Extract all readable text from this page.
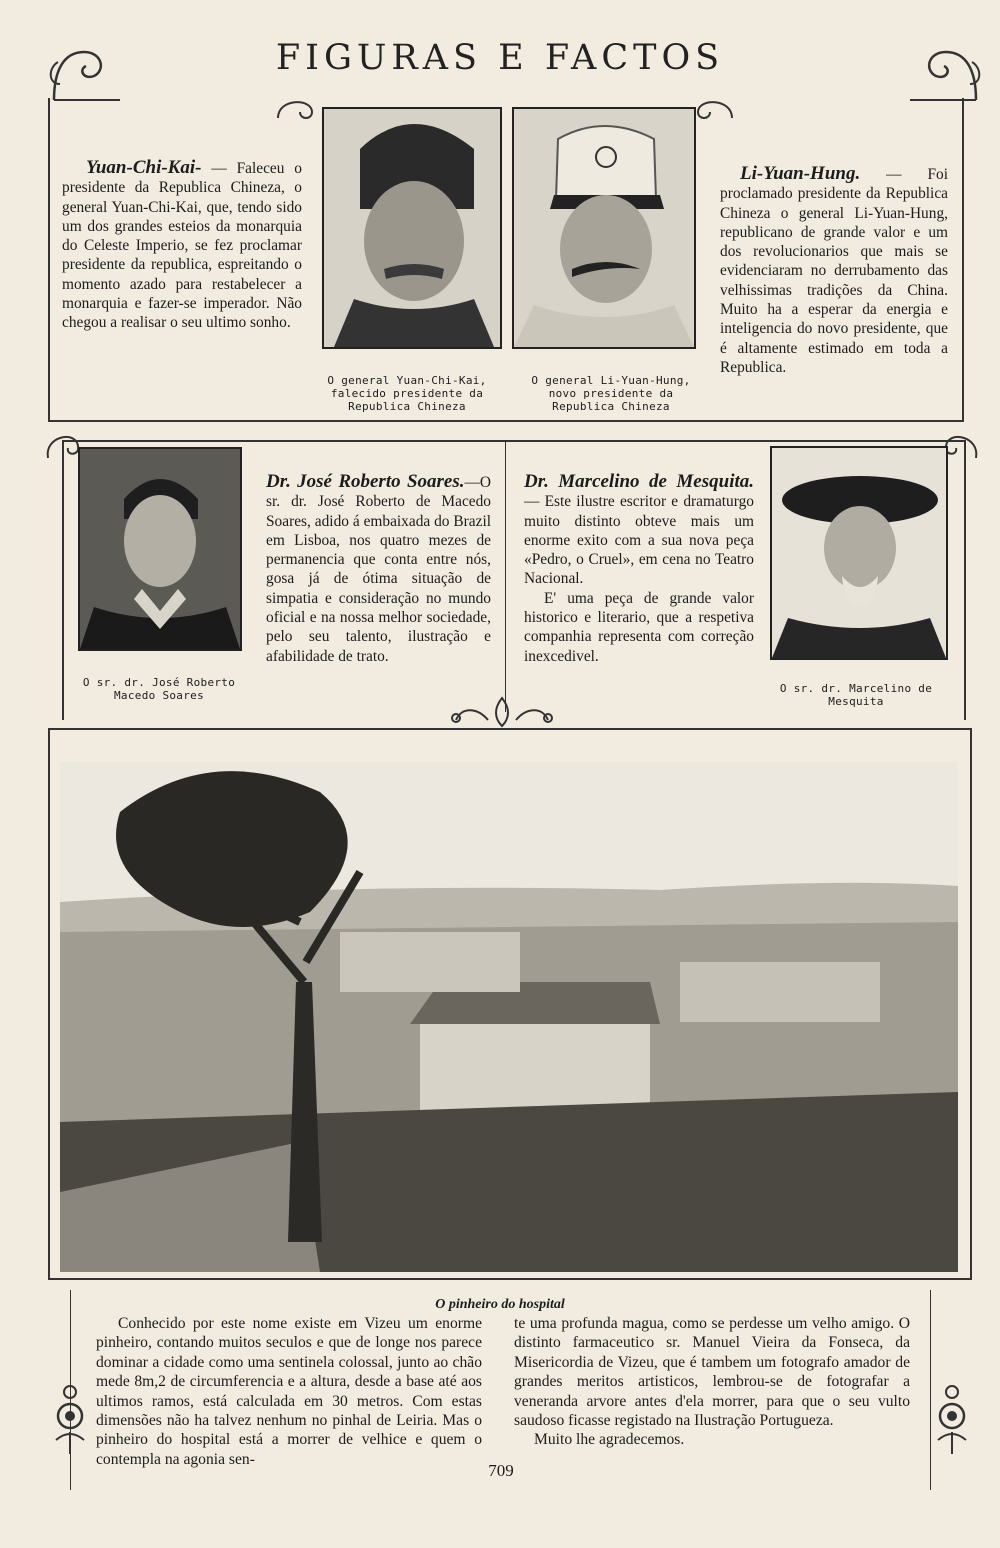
FIGURAS E FACTOS
Yuan-Chi-Kai- — Faleceu o presidente da Republica Chineza, o general Yuan-Chi-Kai, que, tendo sido um dos grandes esteios da monarquia do Celeste Imperio, se fez proclamar presidente da republica, espreitando o momento azado para restabelecer a monarquia e fazer-se imperador. Não chegou a realisar o seu ultimo sonho.
O general Yuan-Chi-Kai, falecido presidente da Republica Chineza
O general Li-Yuan-Hung, novo presidente da Republica Chineza
Li-Yuan-Hung. — Foi proclamado presidente da Republica Chineza o general Li-Yuan-Hung, republicano de grande valor e um dos revolucionarios que mais se evidenciaram no derrubamento das velhissimas tradições da China. Muito ha a esperar da energia e inteligencia do novo presidente, que é altamente estimado em toda a Republica.
O sr. dr. José Roberto Macedo Soares
Dr. José Roberto Soares.—O sr. dr. José Roberto de Macedo Soares, adido á embaixada do Brazil em Lisboa, nos quatro mezes de permanencia que conta entre nós, gosa já de ótima situação de simpatia e consideração no mundo oficial e na nossa melhor sociedade, pelo seu talento, ilustração e afabilidade de trato.
Dr. Marcelino de Mesquita.— Este ilustre escritor e dramaturgo muito distinto obteve mais um enorme exito com a sua nova peça «Pedro, o Cruel», em cena no Teatro Nacional.
E' uma peça de grande valor historico e literario, que a respetiva companhia representa com correção inexcedivel.
O sr. dr. Marcelino de Mesquita
O pinheiro do hospital
Conhecido por este nome existe em Vizeu um enorme pinheiro, contando muitos seculos e que de longe nos parece dominar a cidade como uma sentinela colossal, junto ao chão mede 8m,2 de circumferencia e a altura, desde a base até aos ultimos ramos, está calculada em 30 metros. Com estas dimensões não ha talvez nenhum no pinhal de Leiria. Mas o pinheiro do hospital está a morrer de velhice e quem o contempla na agonia sen-
te uma profunda magua, como se perdesse um velho amigo. O distinto farmaceutico sr. Manuel Vieira da Fonseca, da Misericordia de Vizeu, que é tambem um fotografo amador de grandes meritos artisticos, lembrou-se de fotografar a veneranda arvore antes d'ela morrer, para que o seu vulto saudoso ficasse registado na Ilustração Portugueza.
Muito lhe agradecemos.
709
